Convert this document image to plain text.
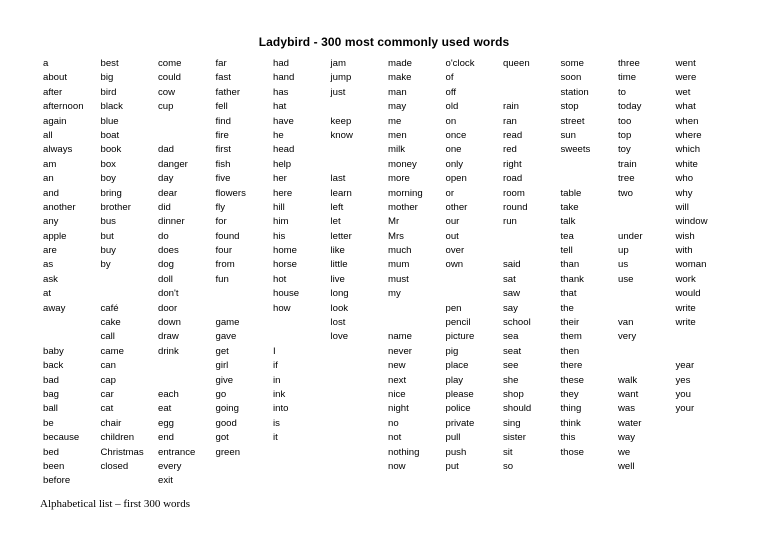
Ladybird - 300 most commonly used words
a
about
after
afternoon
again
all
always
am
an
and
another
any
apple
are
as
ask
at
away
baby
back
bad
bag
ball
be
because
bed
been
before
best
big
bird
black
blue
boat
book
box
boy
bring
brother
bus
but
buy
by
café
cake
call
came
can
cap
car
cat
chair
children
Christmas
closed
come
could
cow
cup
dad
danger
day
dear
did
dinner
do
does
dog
doll
don't
door
down
draw
drink
each
eat
egg
end
entrance
every
exit
far
fast
father
fell
find
fire
first
fish
five
flowers
fly
for
found
four
from
fun
game
gave
get
girl
give
go
going
good
got
green
had
hand
has
hat
have
he
head
help
her
here
hill
him
his
home
horse
hot
house
how
I
if
in
ink
into
is
it
jam
jump
just
keep
know
last
learn
left
let
letter
like
little
live
long
look
lost
love
made
make
man
may
me
men
milk
money
more
morning
mother
Mr
Mrs
much
mum
must
my
name
never
new
next
nice
night
no
not
nothing
now
o'clock
of
off
old
on
once
one
only
open
or
other
our
out
over
own
pen
pencil
picture
pig
place
play
please
police
private
pull
push
put
queen
rain
ran
read
red
right
road
room
round
run
said
sat
saw
say
school
sea
seat
see
she
shop
should
sing
sister
sit
so
some
soon
station
stop
street
sun
sweets
table
take
talk
tea
tell
than
thank
that
the
their
them
then
there
these
they
thing
think
this
those
three
time
to
today
too
top
toy
train
tree
two
under
up
us
use
van
very
walk
want
was
water
way
we
well
went
were
wet
what
when
where
which
white
who
why
will
window
wish
with
woman
work
would
write
write
year
yes
you
your
Alphabetical list – first 300 words
